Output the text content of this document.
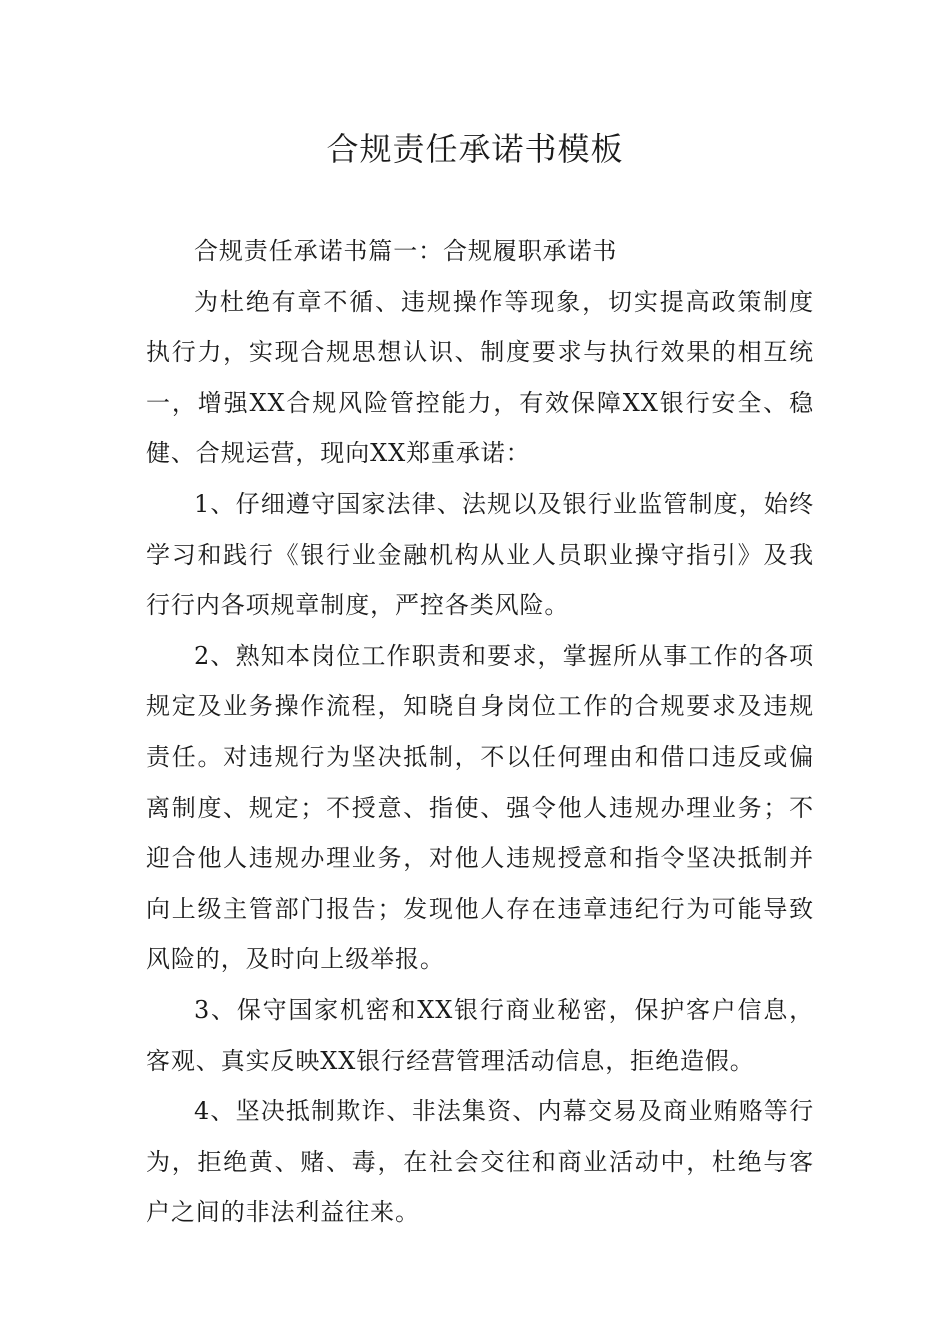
合规责任承诺书模板

合规责任承诺书篇一：合规履职承诺书

为杜绝有章不循、违规操作等现象，切实提高政策制度执行力，实现合规思想认识、制度要求与执行效果的相互统一，增强XX合规风险管控能力，有效保障XX银行安全、稳健、合规运营，现向XX郑重承诺：

1、仔细遵守国家法律、法规以及银行业监管制度，始终学习和践行《银行业金融机构从业人员职业操守指引》及我行行内各项规章制度，严控各类风险。

2、熟知本岗位工作职责和要求，掌握所从事工作的各项规定及业务操作流程，知晓自身岗位工作的合规要求及违规责任。对违规行为坚决抵制，不以任何理由和借口违反或偏离制度、规定；不授意、指使、强令他人违规办理业务；不迎合他人违规办理业务，对他人违规授意和指令坚决抵制并向上级主管部门报告；发现他人存在违章违纪行为可能导致风险的，及时向上级举报。

3、保守国家机密和XX银行商业秘密，保护客户信息，客观、真实反映XX银行经营管理活动信息，拒绝造假。

4、坚决抵制欺诈、非法集资、内幕交易及商业贿赂等行为，拒绝黄、赌、毒，在社会交往和商业活动中，杜绝与客户之间的非法利益往来。
